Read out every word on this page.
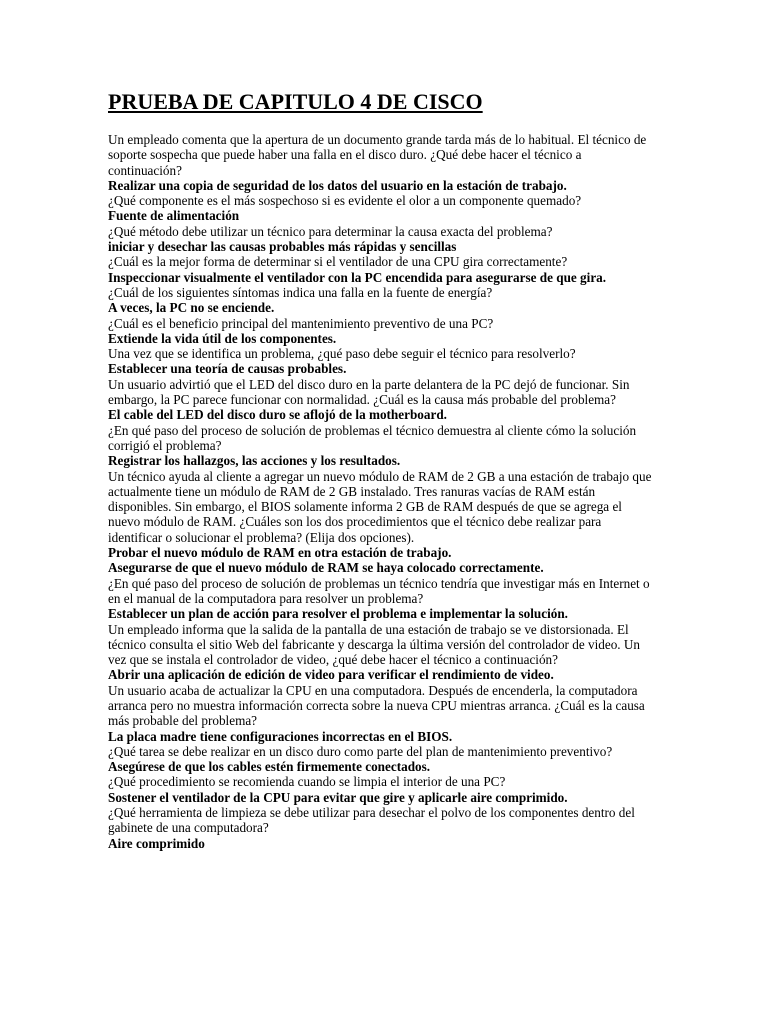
PRUEBA DE CAPITULO 4 DE CISCO

Un empleado comenta que la apertura de un documento grande tarda más de lo habitual. El técnico de soporte sospecha que puede haber una falla en el disco duro. ¿Qué debe hacer el técnico a continuación?

Realizar una copia de seguridad de los datos del usuario en la estación de trabajo.

¿Qué componente es el más sospechoso si es evidente el olor a un componente quemado?

Fuente de alimentación

¿Qué método debe utilizar un técnico para determinar la causa exacta del problema?

iniciar y desechar las causas probables más rápidas y sencillas

¿Cuál es la mejor forma de determinar si el ventilador de una CPU gira correctamente?

Inspeccionar visualmente el ventilador con la PC encendida para asegurarse de que gira.

¿Cuál de los siguientes síntomas indica una falla en la fuente de energía?

A veces, la PC no se enciende.

¿Cuál es el beneficio principal del mantenimiento preventivo de una PC?

Extiende la vida útil de los componentes.

Una vez que se identifica un problema, ¿qué paso debe seguir el técnico para resolverlo?

Establecer una teoría de causas probables.

Un usuario advirtió que el LED del disco duro en la parte delantera de la PC dejó de funcionar. Sin embargo, la PC parece funcionar con normalidad. ¿Cuál es la causa más probable del problema?

El cable del LED del disco duro se aflojó de la motherboard.

¿En qué paso del proceso de solución de problemas el técnico demuestra al cliente cómo la solución corrigió el problema?

Registrar los hallazgos, las acciones y los resultados.

Un técnico ayuda al cliente a agregar un nuevo módulo de RAM de 2 GB a una estación de trabajo que actualmente tiene un módulo de RAM de 2 GB instalado. Tres ranuras vacías de RAM están disponibles. Sin embargo, el BIOS solamente informa 2 GB de RAM después de que se agrega el nuevo módulo de RAM. ¿Cuáles son los dos procedimientos que el técnico debe realizar para identificar o solucionar el problema? (Elija dos opciones).

Probar el nuevo módulo de RAM en otra estación de trabajo.

Asegurarse de que el nuevo módulo de RAM se haya colocado correctamente.

¿En qué paso del proceso de solución de problemas un técnico tendría que investigar más en Internet o en el manual de la computadora para resolver un problema?

Establecer un plan de acción para resolver el problema e implementar la solución.

Un empleado informa que la salida de la pantalla de una estación de trabajo se ve distorsionada. El técnico consulta el sitio Web del fabricante y descarga la última versión del controlador de video. Un vez que se instala el controlador de video, ¿qué debe hacer el técnico a continuación?

Abrir una aplicación de edición de video para verificar el rendimiento de video.

Un usuario acaba de actualizar la CPU en una computadora. Después de encenderla, la computadora arranca pero no muestra información correcta sobre la nueva CPU mientras arranca. ¿Cuál es la causa más probable del problema?

La placa madre tiene configuraciones incorrectas en el BIOS.

¿Qué tarea se debe realizar en un disco duro como parte del plan de mantenimiento preventivo?

Asegúrese de que los cables estén firmemente conectados.

¿Qué procedimiento se recomienda cuando se limpia el interior de una PC?

Sostener el ventilador de la CPU para evitar que gire y aplicarle aire comprimido.

¿Qué herramienta de limpieza se debe utilizar para desechar el polvo de los componentes dentro del gabinete de una computadora?

Aire comprimido
